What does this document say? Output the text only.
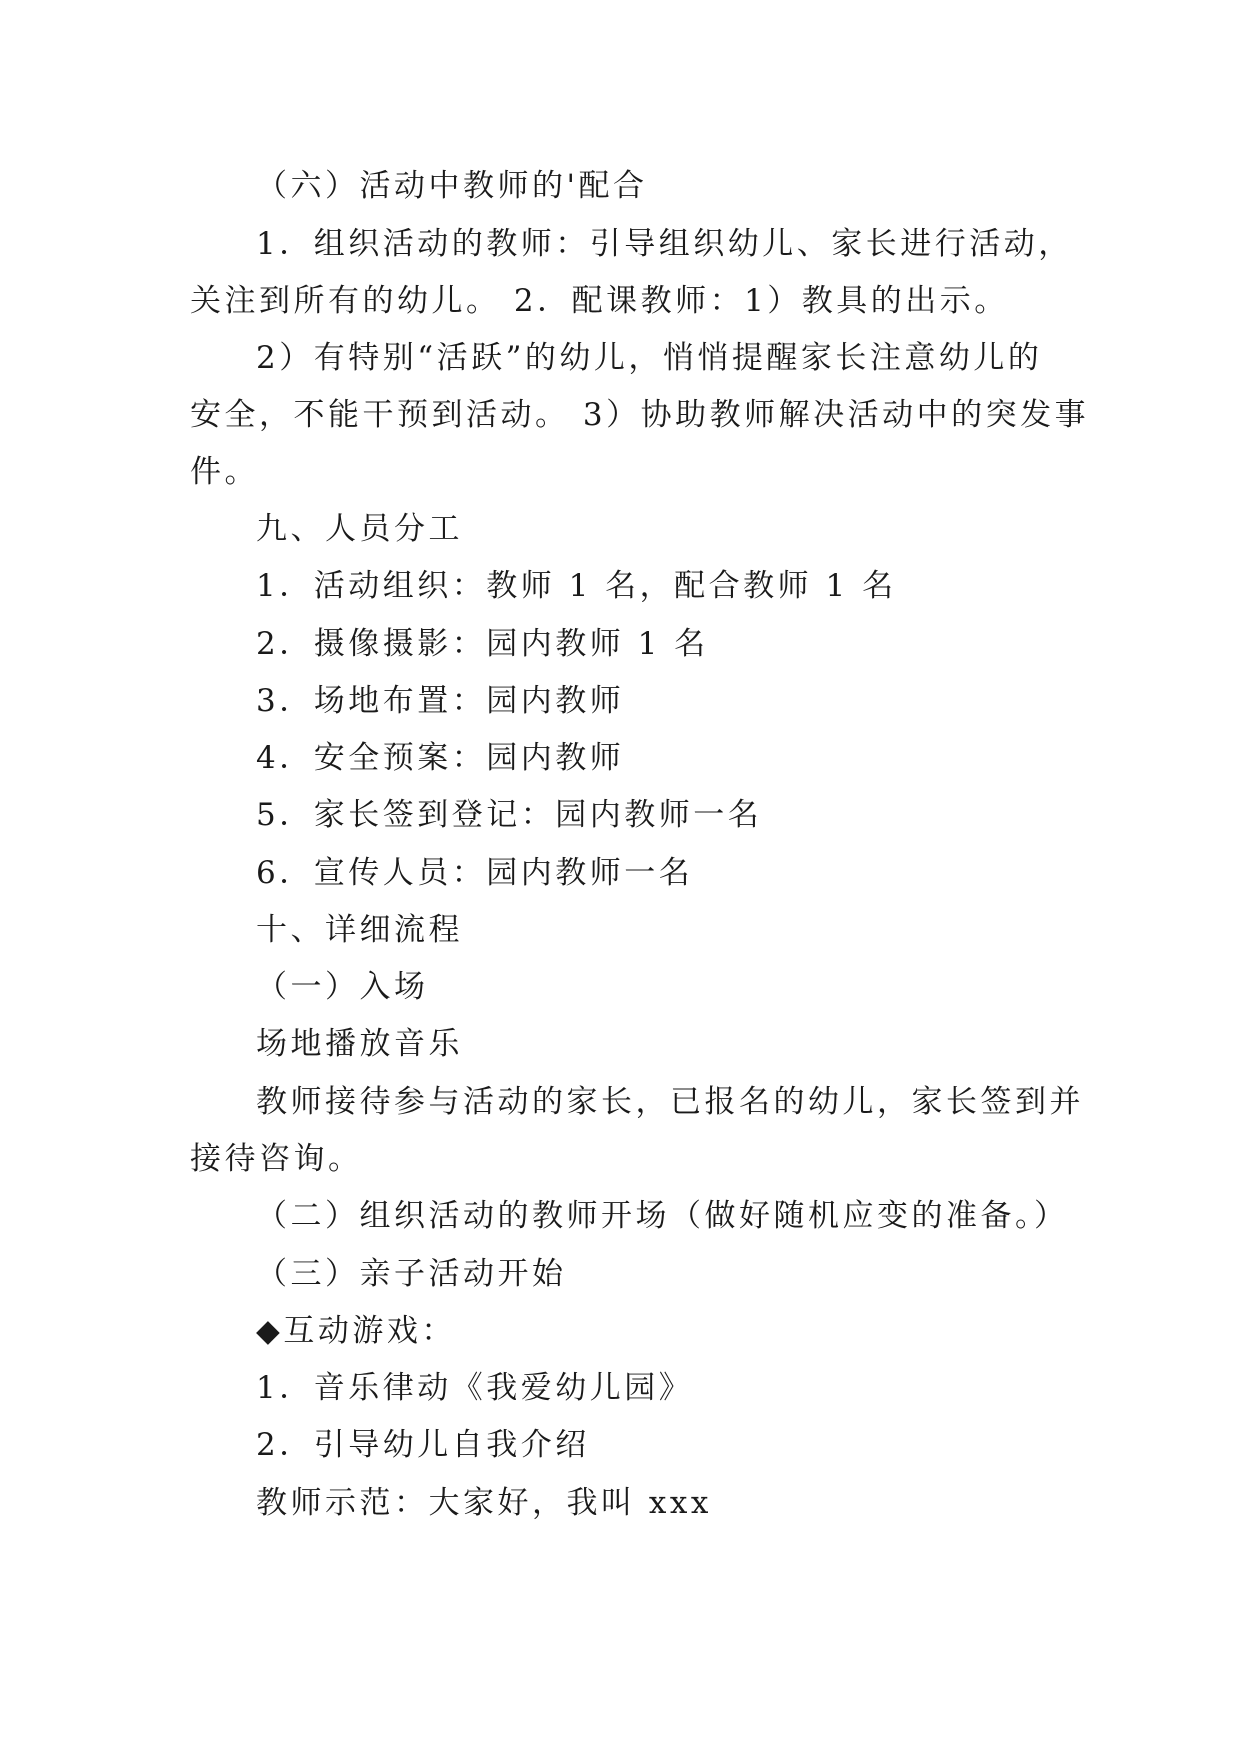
（六）活动中教师的'配合
1．组织活动的教师：引导组织幼儿、家长进行活动，
关注到所有的幼儿。 2．配课教师：1）教具的出示。
2）有特别“活跃”的幼儿，悄悄提醒家长注意幼儿的
安全，不能干预到活动。 3）协助教师解决活动中的突发事
件。
九、人员分工
1．活动组织：教师 1 名，配合教师 1 名
2．摄像摄影：园内教师 1 名
3．场地布置：园内教师
4．安全预案：园内教师
5．家长签到登记：园内教师一名
6．宣传人员：园内教师一名
十、详细流程
（一）入场
场地播放音乐
教师接待参与活动的家长，已报名的幼儿，家长签到并
接待咨询。
（二）组织活动的教师开场（做好随机应变的准备。）
（三）亲子活动开始
◆互动游戏：
1．音乐律动《我爱幼儿园》
2．引导幼儿自我介绍
教师示范：大家好，我叫 xxx
